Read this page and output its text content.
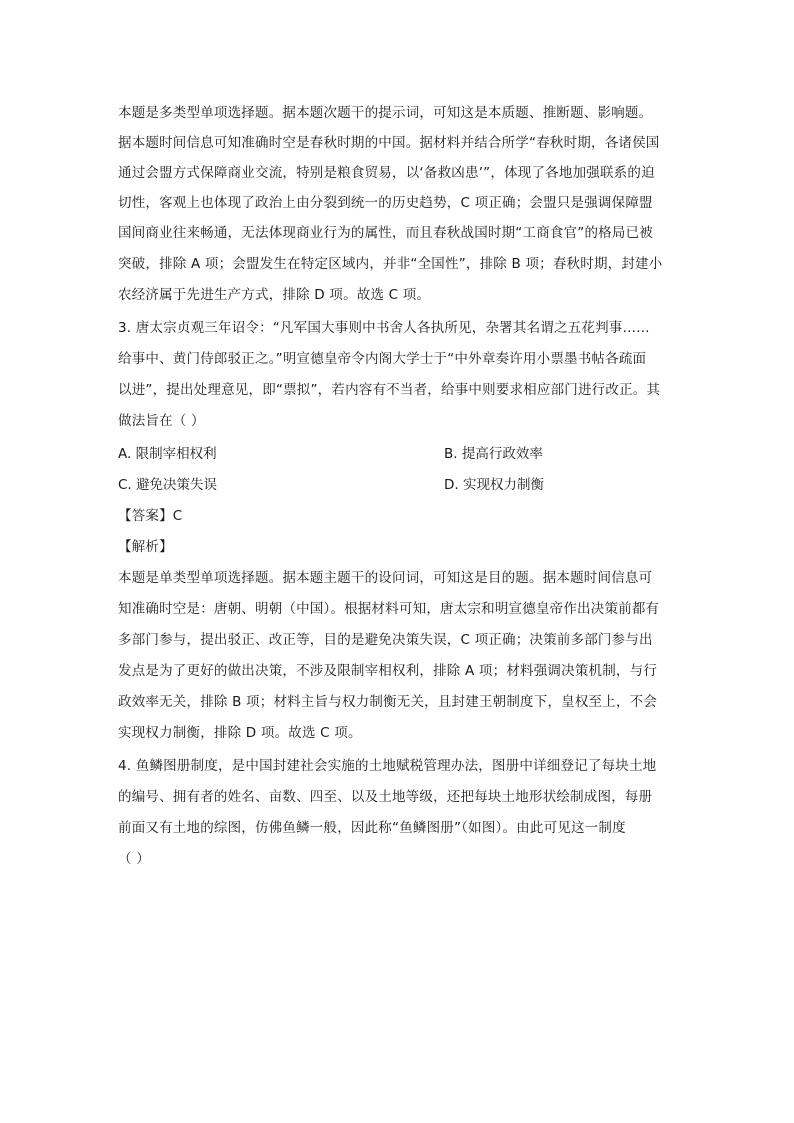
本题是多类型单项选择题。据本题次题干的提示词，可知这是本质题、推断题、影响题。
据本题时间信息可知准确时空是春秋时期的中国。据材料并结合所学“春秋时期，各诸侯国
通过会盟方式保障商业交流，特别是粮食贸易，以‘备救凶患’”，体现了各地加强联系的迫
切性，客观上也体现了政治上由分裂到统一的历史趋势，C 项正确；会盟只是强调保障盟
国间商业往来畅通，无法体现商业行为的属性，而且春秋战国时期“工商食官”的格局已被
突破，排除 A 项；会盟发生在特定区域内，并非“全国性”，排除 B 项；春秋时期，封建小
农经济属于先进生产方式，排除 D 项。故选 C 项。
3. 唐太宗贞观三年诏令：“凡军国大事则中书舍人各执所见，杂署其名谓之五花判事……
给事中、黄门侍郎驳正之。”明宣德皇帝令内阁大学士于“中外章奏许用小票墨书帖各疏面
以进”，提出处理意见，即“票拟”，若内容有不当者，给事中则要求相应部门进行改正。其
做法旨在（ ）
A. 限制宰相权利	B. 提高行政效率
C. 避免决策失误	D. 实现权力制衡
【答案】C
【解析】
本题是单类型单项选择题。据本题主题干的设问词，可知这是目的题。据本题时间信息可
知准确时空是：唐朝、明朝（中国）。根据材料可知，唐太宗和明宣德皇帝作出决策前都有
多部门参与，提出驳正、改正等，目的是避免决策失误，C 项正确；决策前多部门参与出
发点是为了更好的做出决策，不涉及限制宰相权利，排除 A 项；材料强调决策机制，与行
政效率无关，排除 B 项；材料主旨与权力制衡无关，且封建王朝制度下，皇权至上，不会
实现权力制衡，排除 D 项。故选 C 项。
4. 鱼鳞图册制度，是中国封建社会实施的土地赋税管理办法，图册中详细登记了每块土地
的编号、拥有者的姓名、亩数、四至、以及土地等级，还把每块土地形状绘制成图，每册
前面又有土地的综图，仿佛鱼鳞一般，因此称“鱼鳞图册”（如图）。由此可见这一制度
（ ）
